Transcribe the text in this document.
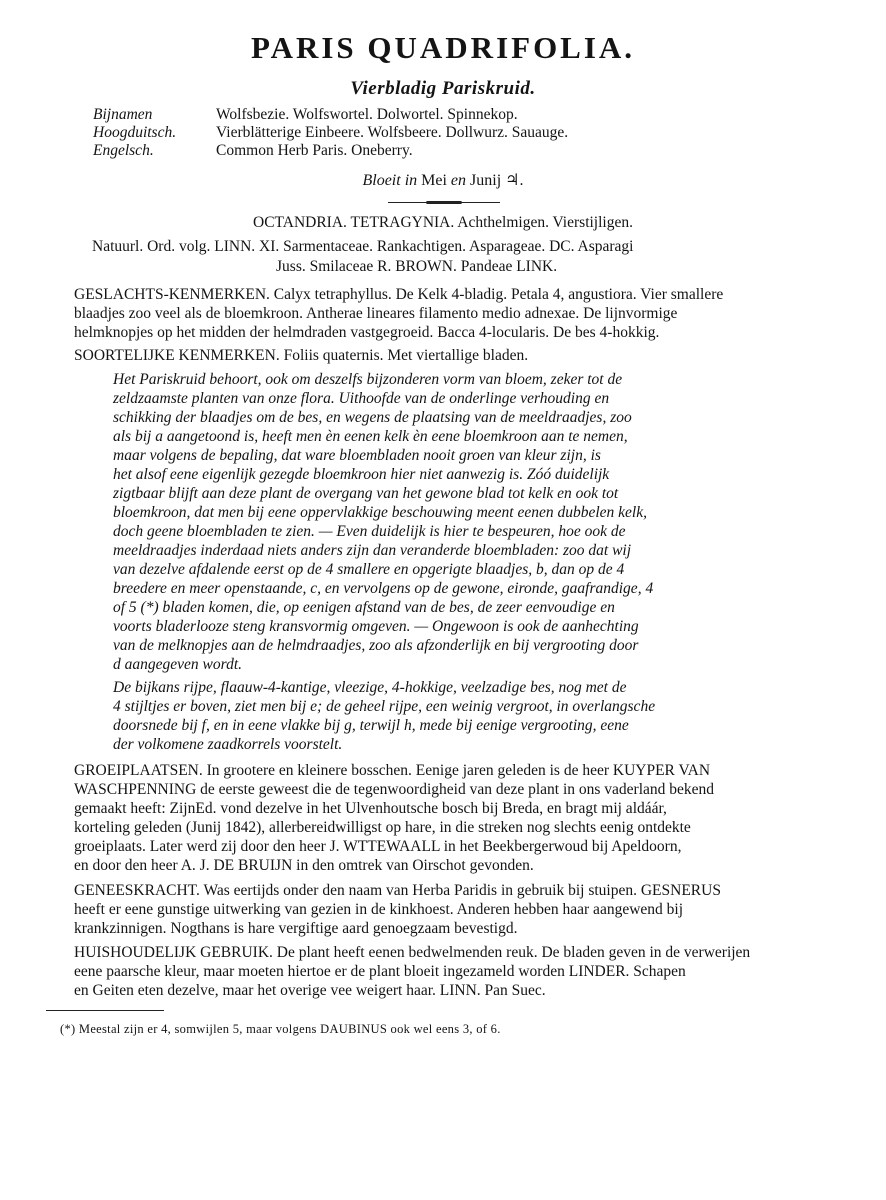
PARIS QUADRIFOLIA.
Vierbladig Pariskruid.
Bijnamen	Wolfsbezie. Wolfswortel. Dolwortel. Spinnekop.
Hoogduitsch.	Vierblätterige Einbeere. Wolfsbeere. Dollwurz. Sauauge.
Engelsch.	Common Herb Paris. Oneberry.
Bloeit in Mei en Junij ♃.
OCTANDRIA. TETRAGYNIA. Achthelmigen. Vierstijligen.

Natuurl. Ord. volg. LINN. XI. Sarmentaceae. Rankachtigen. Asparageae. DC. Asparagi

Juss. Smilaceae R. BROWN. Pandeae LINK.

GESLACHTS-KENMERKEN. Calyx tetraphyllus. De Kelk 4-bladig. Petala 4, angustiora. Vier smallere

blaadjes zoo veel als de bloemkroon. Antherae lineares filamento medio adnexae. De lijnvormige

helmknopjes op het midden der helmdraden vastgegroeid. Bacca 4-locularis. De bes 4-hokkig.

SOORTELIJKE KENMERKEN. Foliis quaternis. Met viertallige bladen.

Het Pariskruid behoort, ook om deszelfs bijzonderen vorm van bloem, zeker tot de

zeldzaamste planten van onze flora. Uithoofde van de onderlinge verhouding en

schikking der blaadjes om de bes, en wegens de plaatsing van de meeldraadjes, zoo

als bij a aangetoond is, heeft men èn eenen kelk èn eene bloemkroon aan te nemen,

maar volgens de bepaling, dat ware bloembladen nooit groen van kleur zijn, is

het alsof eene eigenlijk gezegde bloemkroon hier niet aanwezig is. Zóó duidelijk

zigtbaar blijft aan deze plant de overgang van het gewone blad tot kelk en ook tot

bloemkroon, dat men bij eene oppervlakkige beschouwing meent eenen dubbelen kelk,

doch geene bloembladen te zien. — Even duidelijk is hier te bespeuren, hoe ook de

meeldraadjes inderdaad niets anders zijn dan veranderde bloembladen: zoo dat wij

van dezelve afdalende eerst op de 4 smallere en opgerigte blaadjes, b, dan op de 4

breedere en meer openstaande, c, en vervolgens op de gewone, eironde, gaafrandige, 4

of 5 (*) bladen komen, die, op eenigen afstand van de bes, de zeer eenvoudige en

voorts bladerlooze steng kransvormig omgeven. — Ongewoon is ook de aanhechting

van de melknopjes aan de helmdraadjes, zoo als afzonderlijk en bij vergrooting door

d aangegeven wordt.

De bijkans rijpe, flaauw-4-kantige, vleezige, 4-hokkige, veelzadige bes, nog met de

4 stijltjes er boven, ziet men bij e; de geheel rijpe, een weinig vergroot, in overlangsche

doorsnede bij f, en in eene vlakke bij g, terwijl h, mede bij eenige vergrooting, eene

der volkomene zaadkorrels voorstelt.

GROEIPLAATSEN. In grootere en kleinere bosschen. Eenige jaren geleden is de heer KUYPER VAN

WASCHPENNING de eerste geweest die de tegenwoordigheid van deze plant in ons vaderland bekend

gemaakt heeft: ZijnEd. vond dezelve in het Ulvenhoutsche bosch bij Breda, en bragt mij aldáár,

korteling geleden (Junij 1842), allerbereidwilligst op hare, in die streken nog slechts eenig ontdekte

groeiplaats. Later werd zij door den heer J. WTTEWAALL in het Beekbergerwoud bij Apeldoorn,

en door den heer A. J. DE BRUIJN in den omtrek van Oirschot gevonden.

GENEESKRACHT. Was eertijds onder den naam van Herba Paridis in gebruik bij stuipen. GESNERUS

heeft er eene gunstige uitwerking van gezien in de kinkhoest. Anderen hebben haar aangewend bij

krankzinnigen. Nogthans is hare vergiftige aard genoegzaam bevestigd.

HUISHOUDELIJK GEBRUIK. De plant heeft eenen bedwelmenden reuk. De bladen geven in de verwerijen

eene paarsche kleur, maar moeten hiertoe er de plant bloeit ingezameld worden LINDER. Schapen

en Geiten eten dezelve, maar het overige vee weigert haar. LINN. Pan Suec.

(*) Meestal zijn er 4, somwijlen 5, maar volgens DAUBINUS ook wel eens 3, of 6.
